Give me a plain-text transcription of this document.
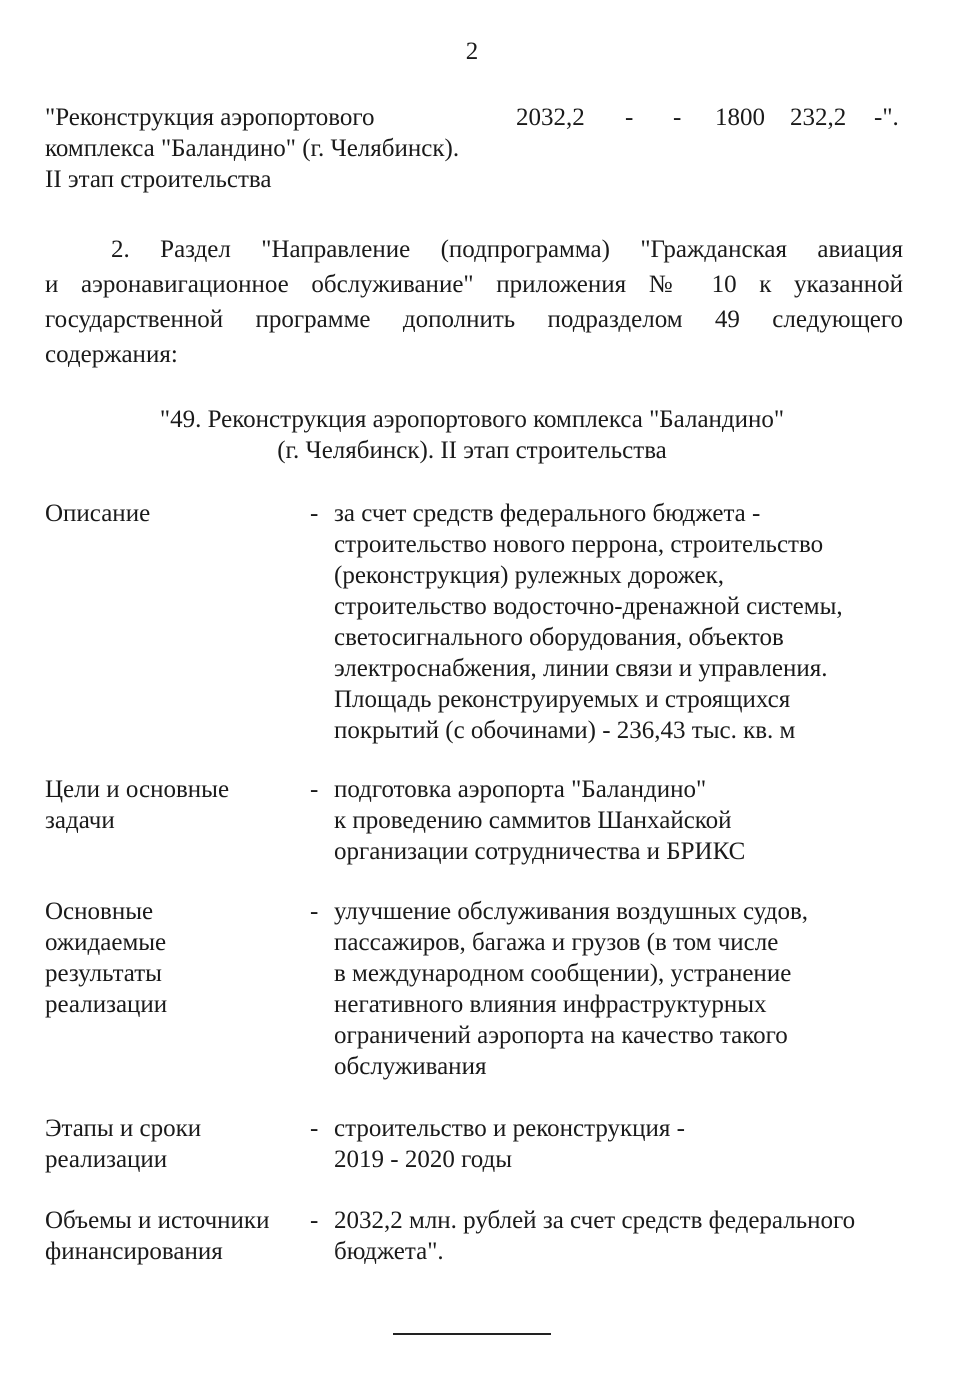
2
"Реконструкция аэропортового
комплекса "Баландино" (г. Челябинск).
II этап строительства
2032,2 - - 1800 232,2 -".
2. Раздел "Направление (подпрограмма) "Гражданская авиация
и аэронавигационное обслуживание" приложения № 10 к указанной
государственной программе дополнить подразделом 49 следующего
содержания:
"49. Реконструкция аэропортового комплекса "Баландино"
(г. Челябинск). II этап строительства
Описание	- за счет средств федерального бюджета -
строительство нового перрона, строительство
(реконструкция) рулежных дорожек,
строительство водосточно-дренажной системы,
светосигнального оборудования, объектов
электроснабжения, линии связи и управления.
Площадь реконструируемых и строящихся
покрытий (с обочинами) - 236,43 тыс. кв. м
Цели и основные
задачи
- подготовка аэропорта "Баландино"
к проведению саммитов Шанхайской
организации сотрудничества и БРИКС
Основные
ожидаемые
результаты
реализации
- улучшение обслуживания воздушных судов,
пассажиров, багажа и грузов (в том числе
в международном сообщении), устранение
негативного влияния инфраструктурных
ограничений аэропорта на качество такого
обслуживания
Этапы и сроки
реализации
- строительство и реконструкция -
2019 - 2020 годы
Объемы и источники
финансирования
- 2032,2 млн. рублей за счет средств федерального
бюджета".
